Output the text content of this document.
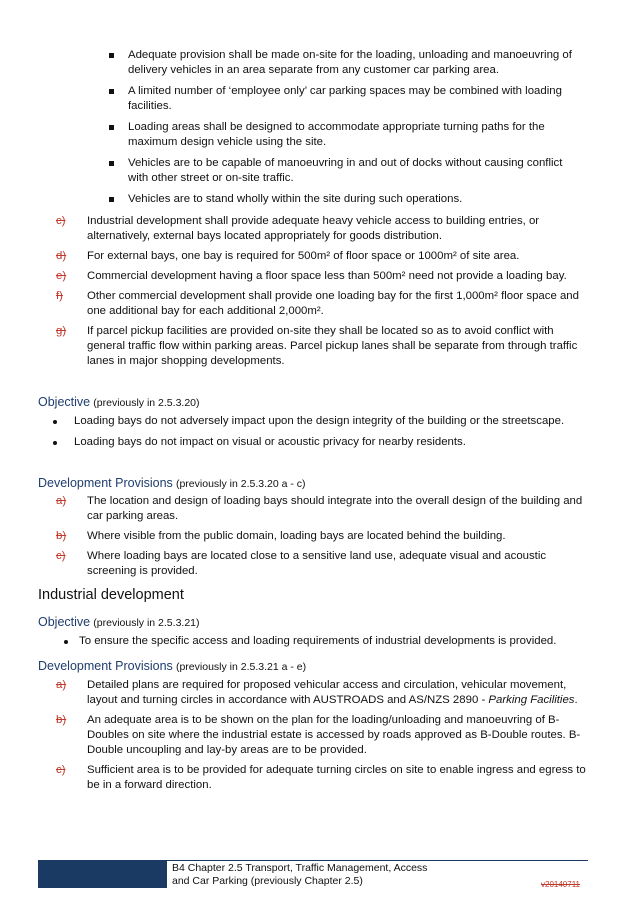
Adequate provision shall be made on-site for the loading, unloading and manoeuvring of delivery vehicles in an area separate from any customer car parking area.
A limited number of ‘employee only’ car parking spaces may be combined with loading facilities.
Loading areas shall be designed to accommodate appropriate turning paths for the maximum design vehicle using the site.
Vehicles are to be capable of manoeuvring in and out of docks without causing conflict with other street or on-site traffic.
Vehicles are to stand wholly within the site during such operations.
c) Industrial development shall provide adequate heavy vehicle access to building entries, or alternatively, external bays located appropriately for goods distribution.
d) For external bays, one bay is required for 500m² of floor space or 1000m² of site area.
e) Commercial development having a floor space less than 500m² need not provide a loading bay.
f) Other commercial development shall provide one loading bay for the first 1,000m² floor space and one additional bay for each additional 2,000m².
g) If parcel pickup facilities are provided on-site they shall be located so as to avoid conflict with general traffic flow within parking areas. Parcel pickup lanes shall be separate from through traffic lanes in major shopping developments.
Objective (previously in 2.5.3.20)
Loading bays do not adversely impact upon the design integrity of the building or the streetscape.
Loading bays do not impact on visual or acoustic privacy for nearby residents.
Development Provisions (previously in 2.5.3.20 a - c)
a) The location and design of loading bays should integrate into the overall design of the building and car parking areas.
b) Where visible from the public domain, loading bays are located behind the building.
c) Where loading bays are located close to a sensitive land use, adequate visual and acoustic screening is provided.
Industrial development
Objective (previously in 2.5.3.21)
To ensure the specific access and loading requirements of industrial developments is provided.
Development Provisions (previously in 2.5.3.21 a - e)
a) Detailed plans are required for proposed vehicular access and circulation, vehicular movement, layout and turning circles in accordance with AUSTROADS and AS/NZS 2890 - Parking Facilities.
b) An adequate area is to be shown on the plan for the loading/unloading and manoeuvring of B-Doubles on site where the industrial estate is accessed by roads approved as B-Double routes. B-Double uncoupling and lay-by areas are to be provided.
c) Sufficient area is to be provided for adequate turning circles on site to enable ingress and egress to be in a forward direction.
B4 Chapter 2.5 Transport, Traffic Management, Access
and Car Parking (previously Chapter 2.5)	v20140711
